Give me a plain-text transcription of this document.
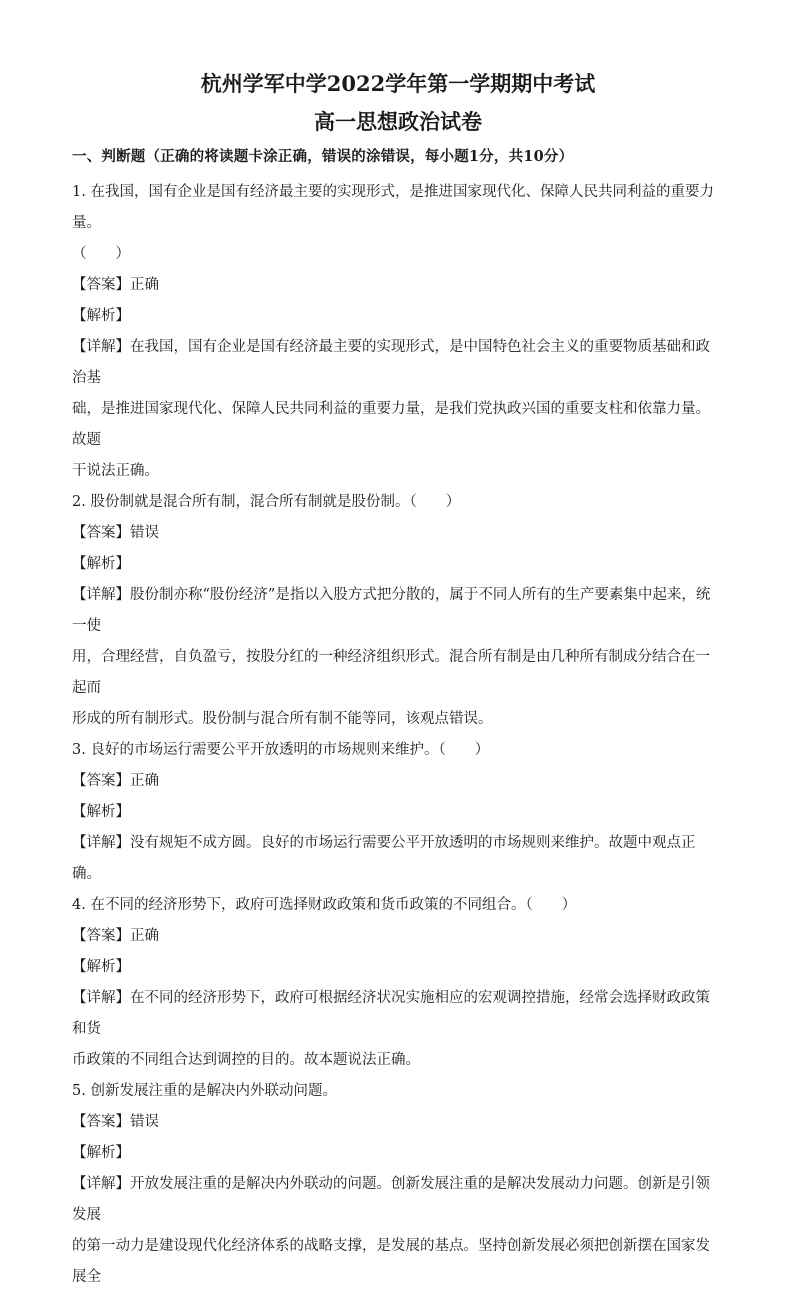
杭州学军中学2022学年第一学期期中考试
高一思想政治试卷

一、判断题（正确的将读题卡涂正确，错误的涂错误，每小题1分，共10分）

1. 在我国，国有企业是国有经济最主要的实现形式，是推进国家现代化、保障人民共同利益的重要力量。

（　　）

【答案】正确

【解析】

【详解】在我国，国有企业是国有经济最主要的实现形式，是中国特色社会主义的重要物质基础和政治基

础，是推进国家现代化、保障人民共同利益的重要力量，是我们党执政兴国的重要支柱和依靠力量。故题

干说法正确。

2. 股份制就是混合所有制，混合所有制就是股份制。（　　）

【答案】错误

【解析】

【详解】股份制亦称“股份经济”是指以入股方式把分散的，属于不同人所有的生产要素集中起来，统一使

用，合理经营，自负盈亏，按股分红的一种经济组织形式。混合所有制是由几种所有制成分结合在一起而

形成的所有制形式。股份制与混合所有制不能等同，该观点错误。

3. 良好的市场运行需要公平开放透明的市场规则来维护。（　　）

【答案】正确

【解析】

【详解】没有规矩不成方圆。良好的市场运行需要公平开放透明的市场规则来维护。故题中观点正确。

4. 在不同的经济形势下，政府可选择财政政策和货币政策的不同组合。（　　）

【答案】正确

【解析】

【详解】在不同的经济形势下，政府可根据经济状况实施相应的宏观调控措施，经常会选择财政政策和货

币政策的不同组合达到调控的目的。故本题说法正确。

5. 创新发展注重的是解决内外联动问题。

【答案】错误

【解析】

【详解】开放发展注重的是解决内外联动的问题。创新发展注重的是解决发展动力问题。创新是引领发展

的第一动力是建设现代化经济体系的战略支撑，是发展的基点。坚持创新发展必须把创新摆在国家发展全
